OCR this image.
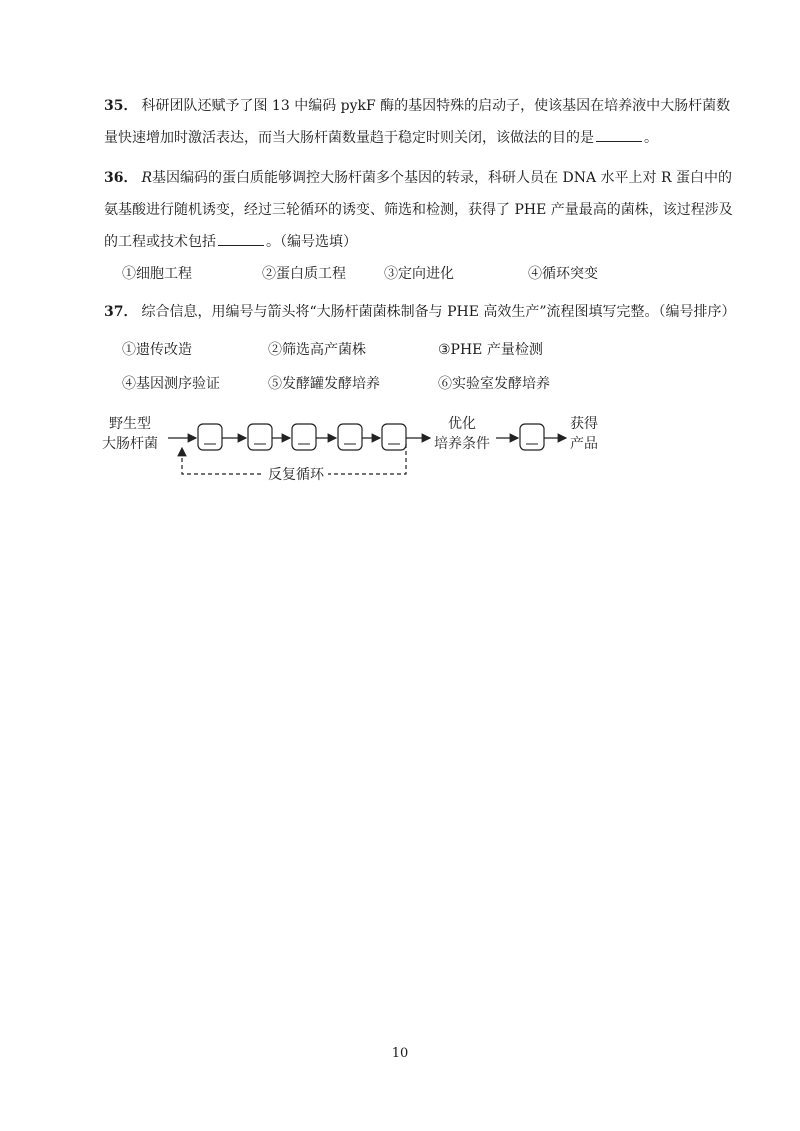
35． 科研团队还赋予了图 13 中编码 pykF 酶的基因特殊的启动子，使该基因在培养液中大肠杆菌数量快速增加时激活表达，而当大肠杆菌数量趋于稳定时则关闭，该做法的目的是	。

36． R基因编码的蛋白质能够调控大肠杆菌多个基因的转录，科研人员在 DNA 水平上对 R 蛋白中的氨基酸进行随机诱变，经过三轮循环的诱变、筛选和检测，获得了 PHE 产量最高的菌株，该过程涉及的工程或技术包括	。（编号选填）

①细胞工程	②蛋白质工程	③定向进化	④循环突变

37． 综合信息，用编号与箭头将“大肠杆菌菌株制备与 PHE 高效生产”流程图填写完整。（编号排序）

①遗传改造	②筛选高产菌株	③PHE 产量检测
④基因测序验证	⑤发酵罐发酵培养	⑥实验室发酵培养
野生型
大肠杆菌
优化
培养条件
获得
产品
反复循环
10
